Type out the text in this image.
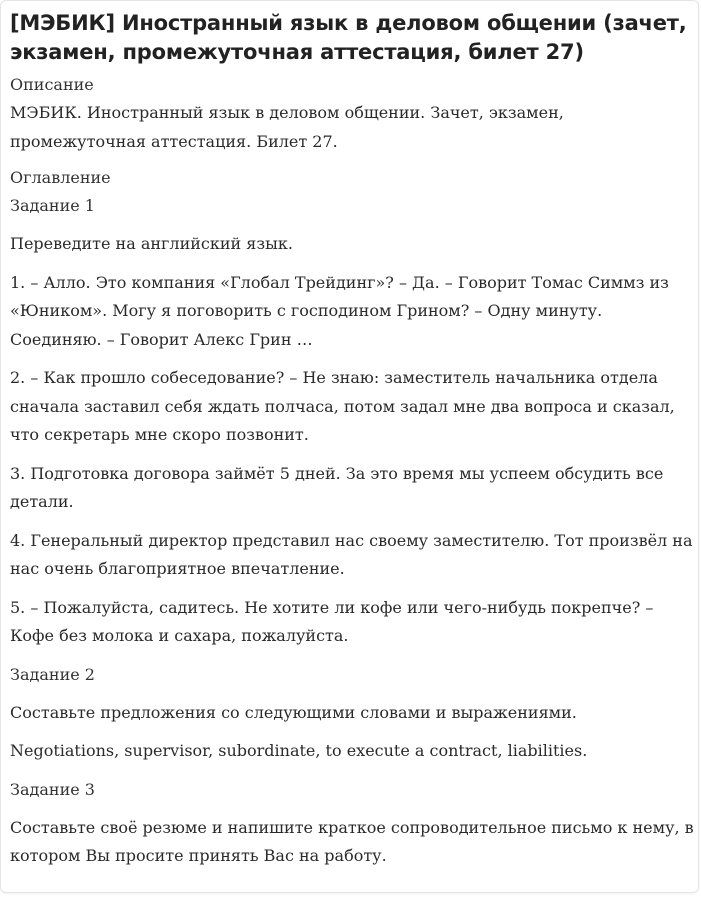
[МЭБИК] Иностранный язык в деловом общении (зачет, экзамен, промежуточная аттестация, билет 27)
Описание

МЭБИК. Иностранный язык в деловом общении. Зачет, экзамен, промежуточная аттестация. Билет 27.

Оглавление
Задание 1

Переведите на английский язык.

1. – Алло. Это компания «Глобал Трейдинг»? – Да. – Говорит Томас Симмз из «Юником». Могу я поговорить с господином Грином? – Одну минуту. Соединяю. – Говорит Алекс Грин …

2. – Как прошло собеседование? – Не знаю: заместитель начальника отдела сначала заставил себя ждать полчаса, потом задал мне два вопроса и сказал, что секретарь мне скоро позвонит.

3. Подготовка договора займёт 5 дней. За это время мы успеем обсудить все детали.

4. Генеральный директор представил нас своему заместителю. Тот произвёл на нас очень благоприятное впечатление.

5. – Пожалуйста, садитесь. Не хотите ли кофе или чего-нибудь покрепче? – Кофе без молока и сахара, пожалуйста.

Задание 2

Составьте предложения со следующими словами и выражениями.

Negotiations, supervisor, subordinate, to execute a contract, liabilities.

Задание 3

Составьте своё резюме и напишите краткое сопроводительное письмо к нему, в котором Вы просите принять Вас на работу.
